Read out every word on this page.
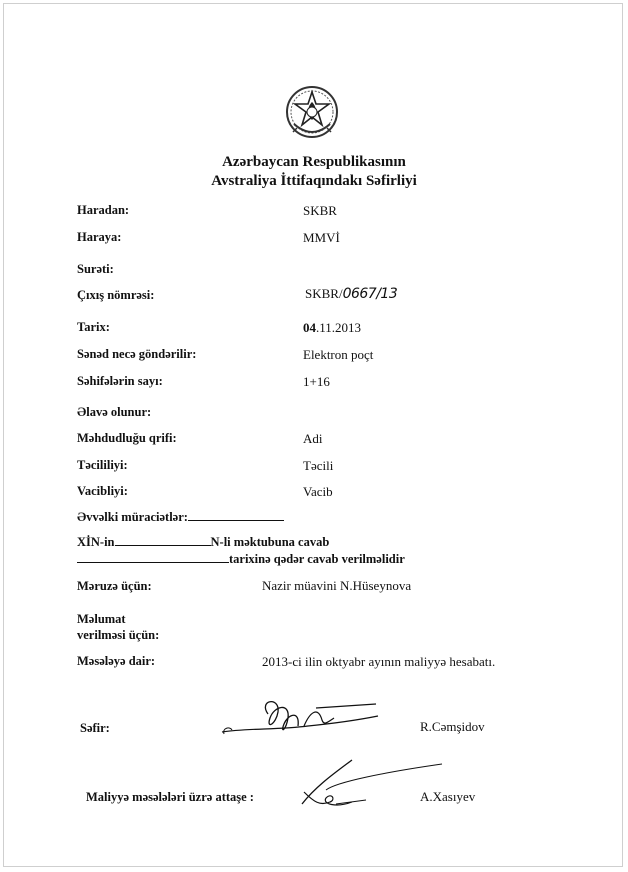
Azərbaycan Respublikasının
Avstraliya İttifaqındakı Səfirliyi
Haradan:	SKBR
Haraya:	MMVİ
Surəti:
Çıxış nömrəsi:	SKBR/0667/13
Tarix:	04.11.2013
Sənəd necə göndərilir:	Elektron poçt
Səhifələrin sayı:	1+16
Əlavə olunur:
Məhdudluğu qrifi:	Adi
Təcililiyi:	Təcili
Vacibliyi:	Vacib
Əvvəlki müraciətlər:
XİN-in	N-li məktubuna cavab
tarixinə qədər cavab verilməlidir
Məruzə üçün:	Nazir müavini N.Hüseynova
Məlumat
verilməsi üçün:
Məsələyə dair:	2013-ci ilin oktyabr ayının maliyyə hesabatı.
Səfir:	R.Cəmşidov
Maliyyə məsələləri üzrə attaşe :	A.Xasıyev
